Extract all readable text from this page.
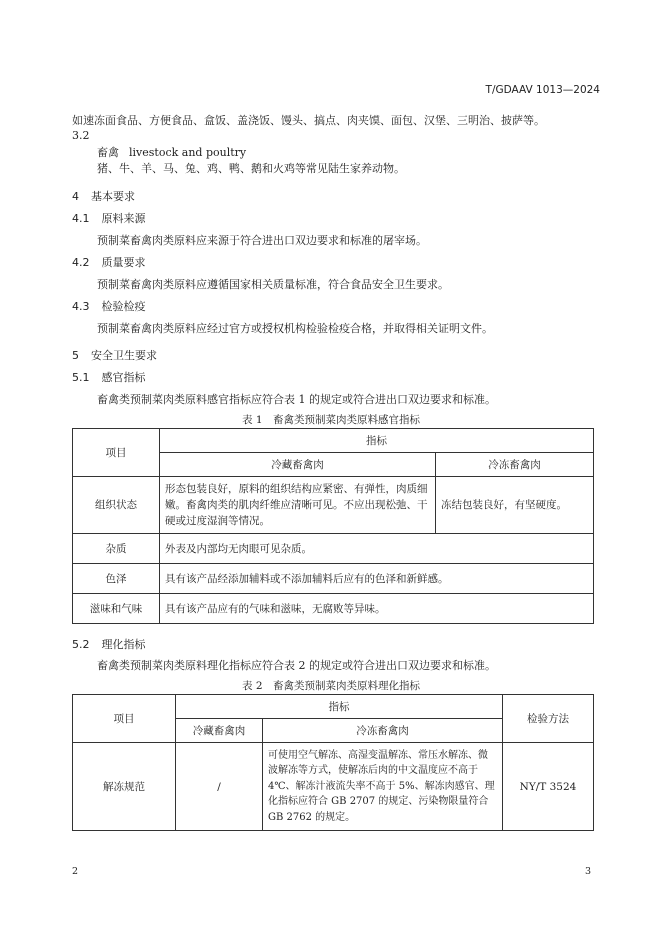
T/GDAAV 1013—2024
如速冻面食品、方便食品、盒饭、盖浇饭、馒头、搞点、肉夹馍、面包、汉堡、三明治、披萨等。
3.2
畜禽 livestock and poultry
猪、牛、羊、马、兔、鸡、鸭、鹅和火鸡等常见陆生家养动物。
4 基本要求
4.1 原料来源
预制菜畜禽肉类原料应来源于符合进出口双边要求和标准的屠宰场。
4.2 质量要求
预制菜畜禽肉类原料应遵循国家相关质量标准，符合食品安全卫生要求。
4.3 检验检疫
预制菜畜禽肉类原料应经过官方或授权机构检验检疫合格，并取得相关证明文件。
5 安全卫生要求
5.1 感官指标
畜禽类预制菜肉类原料感官指标应符合表 1 的规定或符合进出口双边要求和标准。
表 1　畜禽类预制菜肉类原料感官指标
项目	指标	
	冷藏畜禽肉	冷冻畜禽肉
组织状态	形态包装良好，原料的组织结构应紧密、有弹性，肉质细嫩。畜禽肉类的肌肉纤维应清晰可见。不应出现松弛、干硬或过度湿润等情况。	冻结包装良好，有坚硬度。
杂质	外表及内部均无肉眼可见杂质。	
色泽	具有该产品经添加辅料或不添加辅料后应有的色泽和新鲜感。	
滋味和气味	具有该产品应有的气味和滋味，无腐败等异味。	
5.2 理化指标
畜禽类预制菜肉类原料理化指标应符合表 2 的规定或符合进出口双边要求和标准。
表 2　畜禽类预制菜肉类原料理化指标
项目	指标		检验方法
	冷藏畜禽肉	冷冻畜禽肉	
解冻规范	/	可使用空气解冻、高湿变温解冻、常压水解冻、微波解冻等方式，使解冻后肉的中文温度应不高于 4℃、解冻汁液流失率不高于 5%、解冻肉感官、理化指标应符合 GB 2707 的规定、污染物限量符合 GB 2762 的规定。	NY/T 3524
2	3
